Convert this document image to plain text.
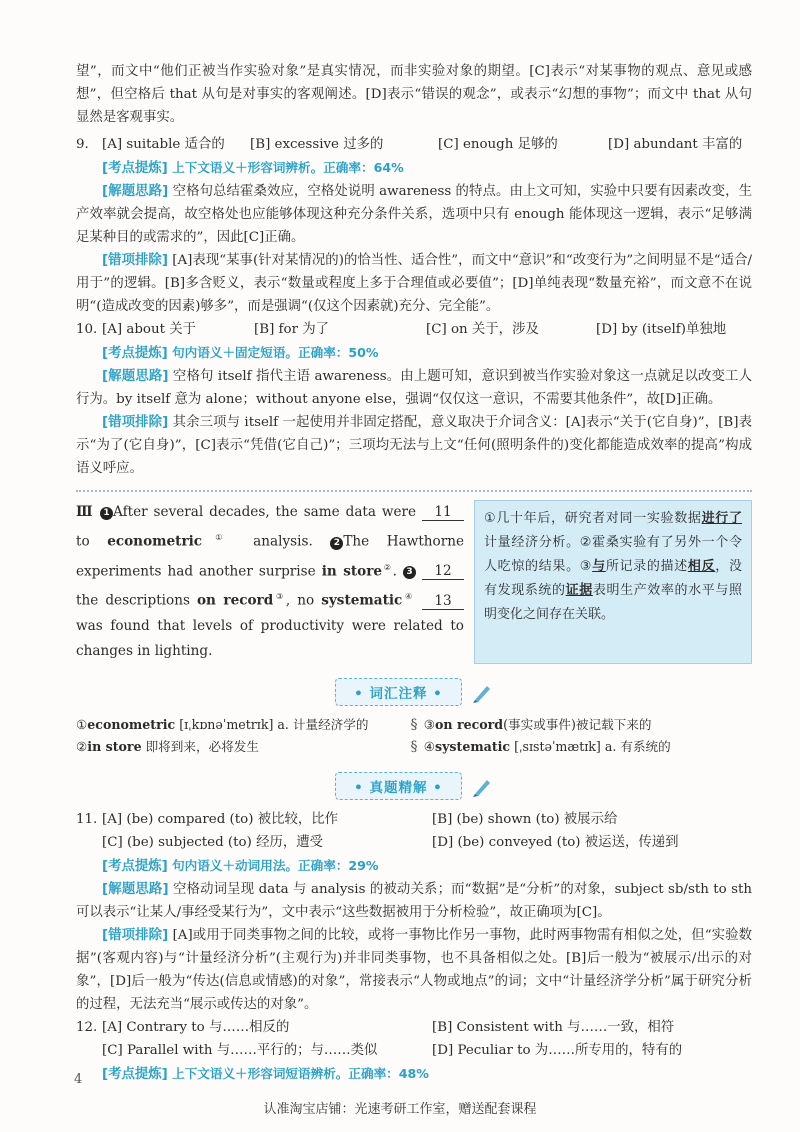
望”，而文中“他们正被当作实验对象”是真实情况，而非实验对象的期望。[C]表示“对某事物的观点、意见或感想”，但空格后 that 从句是对事实的客观阐述。[D]表示“错误的观念”，或表示“幻想的事物”；而文中 that 从句显然是客观事实。

9. [A] suitable 适合的	[B] excessive 过多的	[C] enough 足够的	[D] abundant 丰富的

[考点提炼] 上下文语义＋形容词辨析。正确率：64%

[解题思路] 空格句总结霍桑效应，空格处说明 awareness 的特点。由上文可知，实验中只要有因素改变，生产效率就会提高，故空格处也应能够体现这种充分条件关系，选项中只有 enough 能体现这一逻辑，表示“足够满足某种目的或需求的”，因此[C]正确。

[错项排除] [A]表现“某事(针对某情况的)的恰当性、适合性”，而文中“意识”和“改变行为”之间明显不是“适合/用于”的逻辑。[B]多含贬义，表示“数量或程度上多于合理值或必要值”；[D]单纯表现“数量充裕”，而文意不在说明“(造成改变的因素)够多”，而是强调“(仅这个因素就)充分、完全能”。

10. [A] about 关于	[B] for 为了	[C] on 关于，涉及	[D] by (itself)单独地

[考点提炼] 句内语义＋固定短语。正确率：50%

[解题思路] 空格句 itself 指代主语 awareness。由上题可知，意识到被当作实验对象这一点就足以改变工人行为。by itself 意为 alone；without anyone else，强调“仅仅这一意识，不需要其他条件”，故[D]正确。

[错项排除] 其余三项与 itself 一起使用并非固定搭配，意义取决于介词含义：[A]表示“关于(它自身)”，[B]表示“为了(它自身)”，[C]表示“凭借(它自己)”；三项均无法与上文“任何(照明条件的)变化都能造成效率的提高”构成语义呼应。

Ⅲ 1 After several decades, the same data were 11 to econometric① analysis. 2 The Hawthorne experiments had another surprise in store②. 3 12 the descriptions on record③, no systematic④ 13 was found that levels of productivity were related to changes in lighting.
①几十年后，研究者对同一实验数据进行了计量经济分析。②霍桑实验有了另外一个令人吃惊的结果。③与所记录的描述相反，没有发现系统的证据表明生产效率的水平与照明变化之间存在关联。
• 词汇注释 •
①econometric [ɪˌkɒnəˈmetrɪk] a. 计量经济学的	§ ③on record(事实或事件)被记载下来的
②in store 即将到来，必将发生	§ ④systematic [ˌsɪstəˈmætɪk] a. 有系统的
• 真题精解 •
11. [A] (be) compared (to) 被比较，比作	[B] (be) shown (to) 被展示给
[C] (be) subjected (to) 经历，遭受	[D] (be) conveyed (to) 被运送，传递到

[考点提炼] 句内语义＋动词用法。正确率：29%

[解题思路] 空格动词呈现 data 与 analysis 的被动关系；而“数据”是“分析”的对象，subject sb/sth to sth 可以表示“让某人/事经受某行为”，文中表示“这些数据被用于分析检验”，故正确项为[C]。

[错项排除] [A]或用于同类事物之间的比较，或将一事物比作另一事物，此时两事物需有相似之处，但“实验数据”(客观内容)与“计量经济分析”(主观行为)并非同类事物，也不具备相似之处。[B]后一般为“被展示/出示的对象”，[D]后一般为“传达(信息或情感)的对象”，常接表示“人物或地点”的词；文中“计量经济学分析”属于研究分析的过程，无法充当“展示或传达的对象”。

12. [A] Contrary to 与……相反的	[B] Consistent with 与……一致，相符
[C] Parallel with 与……平行的；与……类似	[D] Peculiar to 为……所专用的，特有的

[考点提炼] 上下文语义＋形容词短语辨析。正确率：48%

4
认准淘宝店铺：光速考研工作室，赠送配套课程
